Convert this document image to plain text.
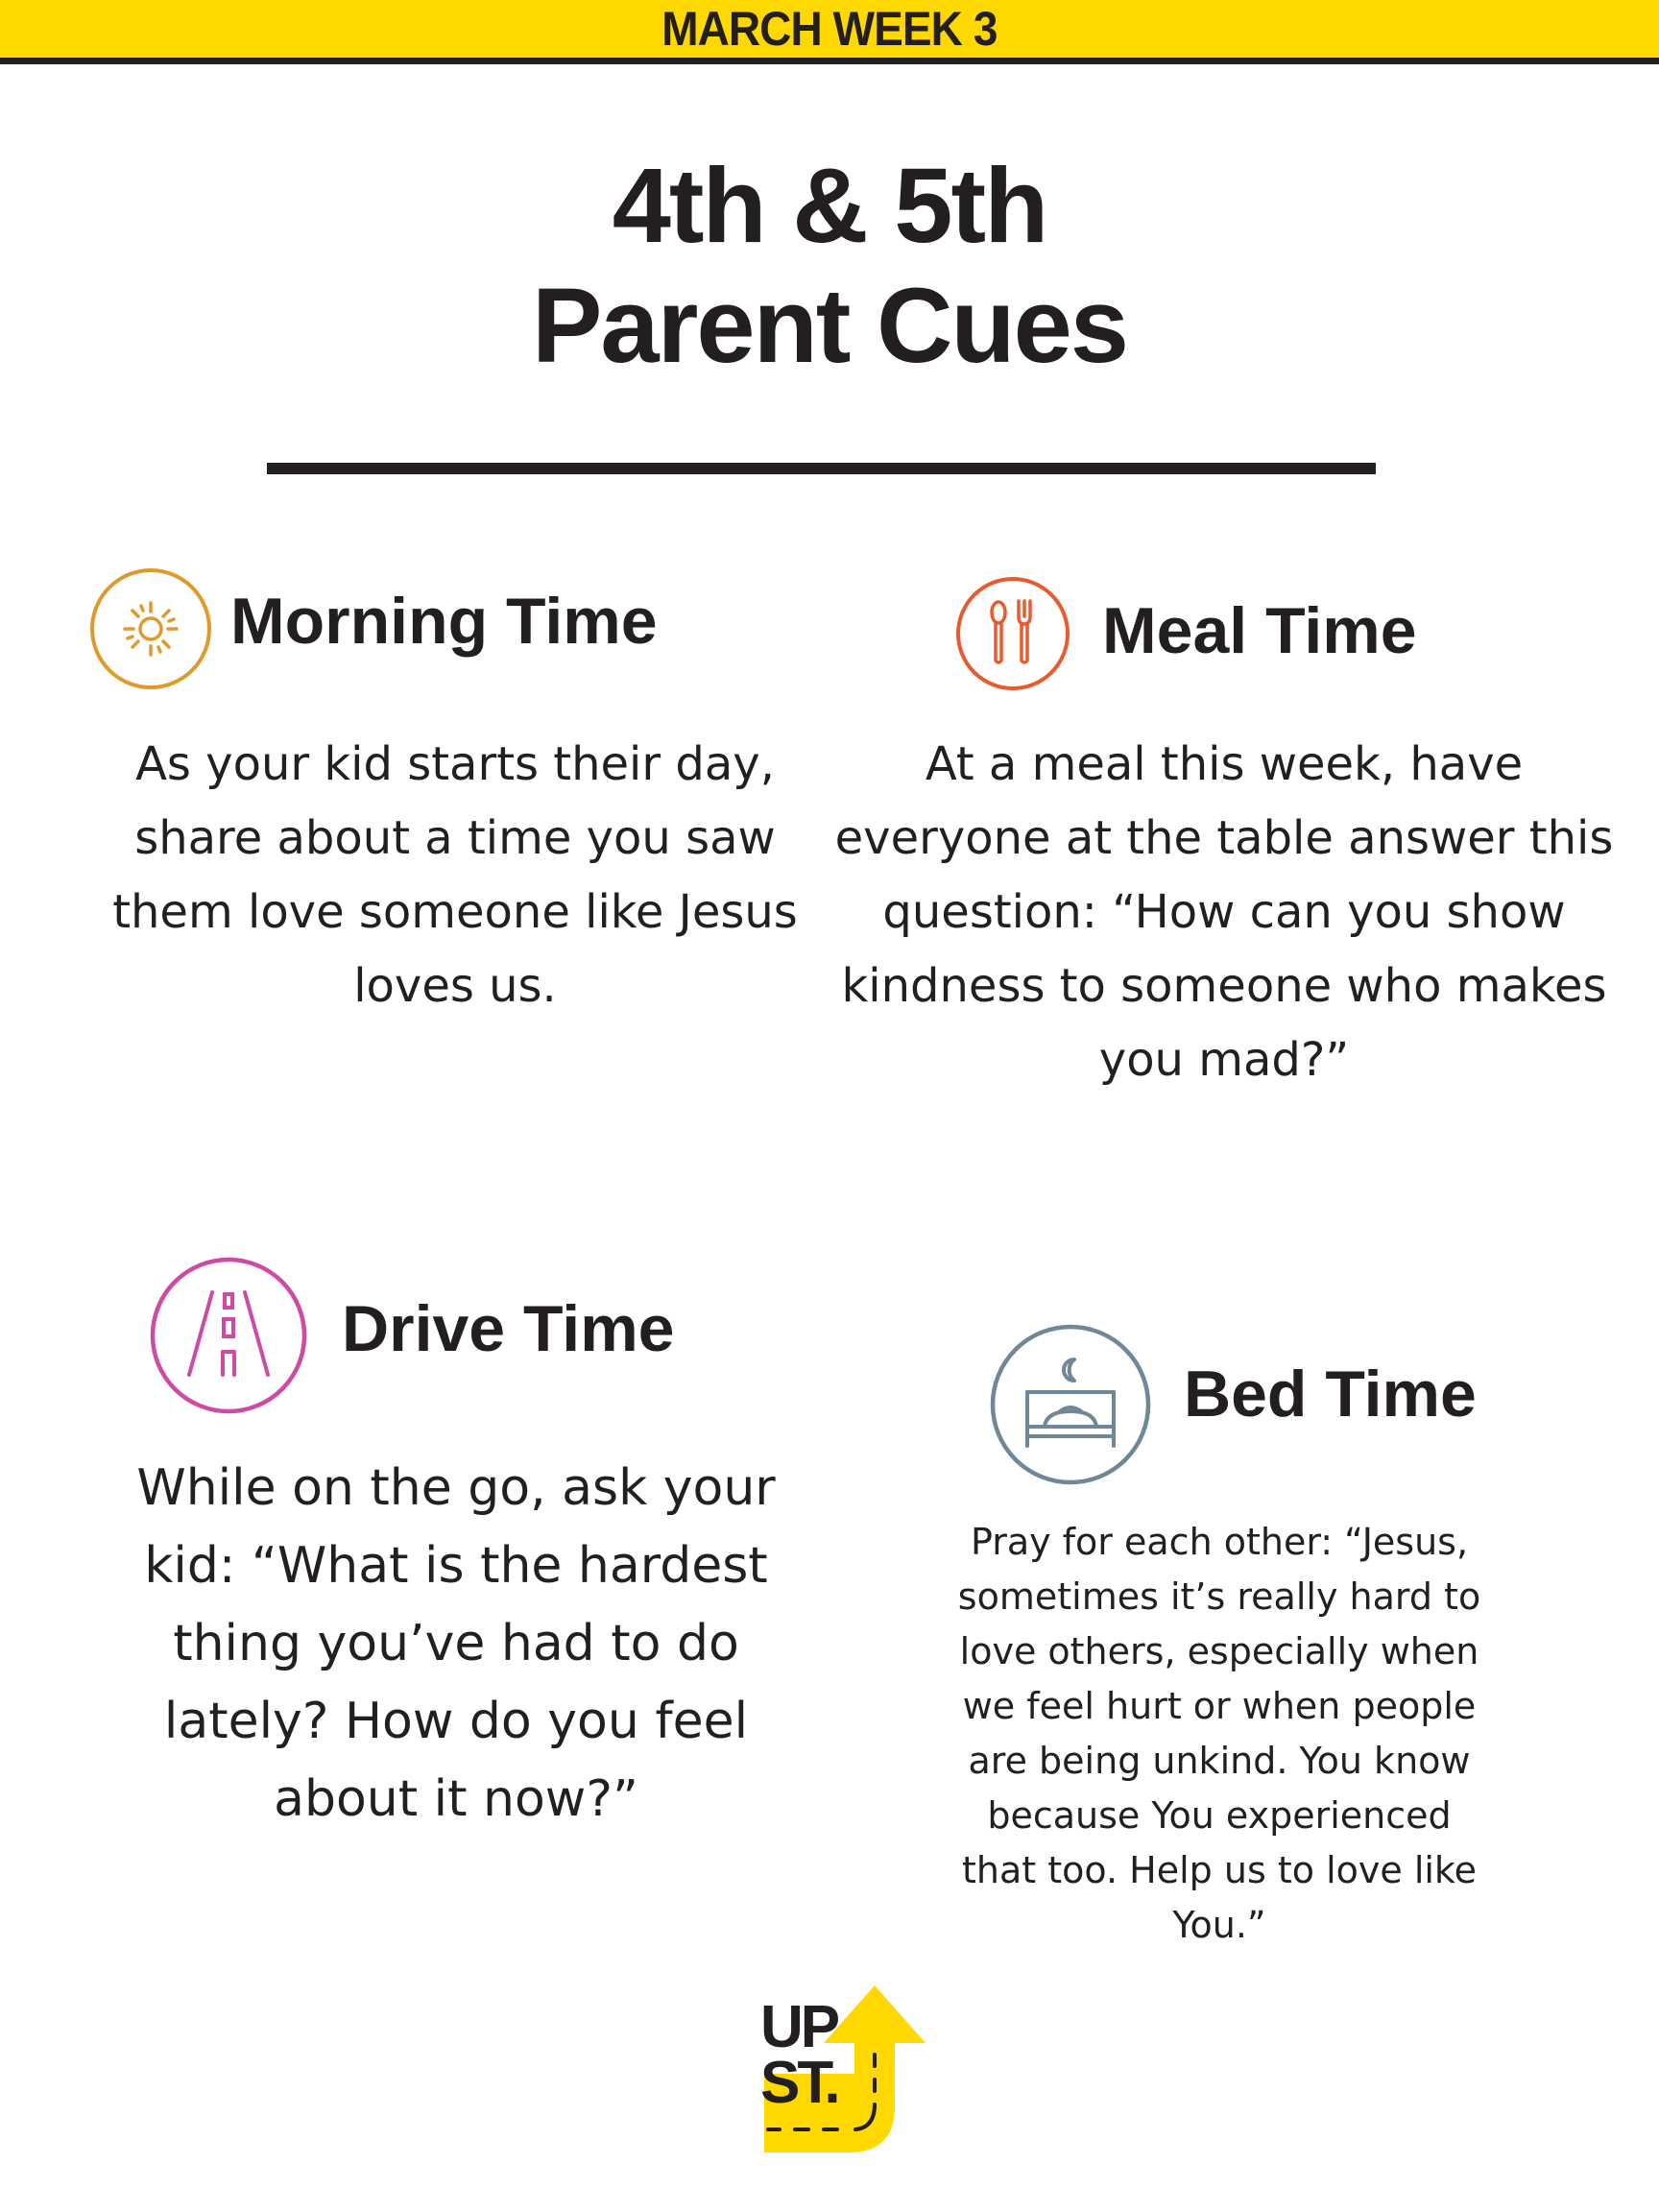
MARCH WEEK 3
4th & 5th
Parent Cues
Morning Time
As your kid starts their day,
share about a time you saw
them love someone like Jesus
loves us.
Meal Time
At a meal this week, have
everyone at the table answer this
question: “How can you show
kindness to someone who makes
you mad?”
Drive Time
While on the go, ask your
kid: “What is the hardest
thing you’ve had to do
lately? How do you feel
about it now?”
Bed Time
Pray for each other: “Jesus,
sometimes it’s really hard to
love others, especially when
we feel hurt or when people
are being unkind. You know
because You experienced
that too. Help us to love like
You.”
UP
ST.
